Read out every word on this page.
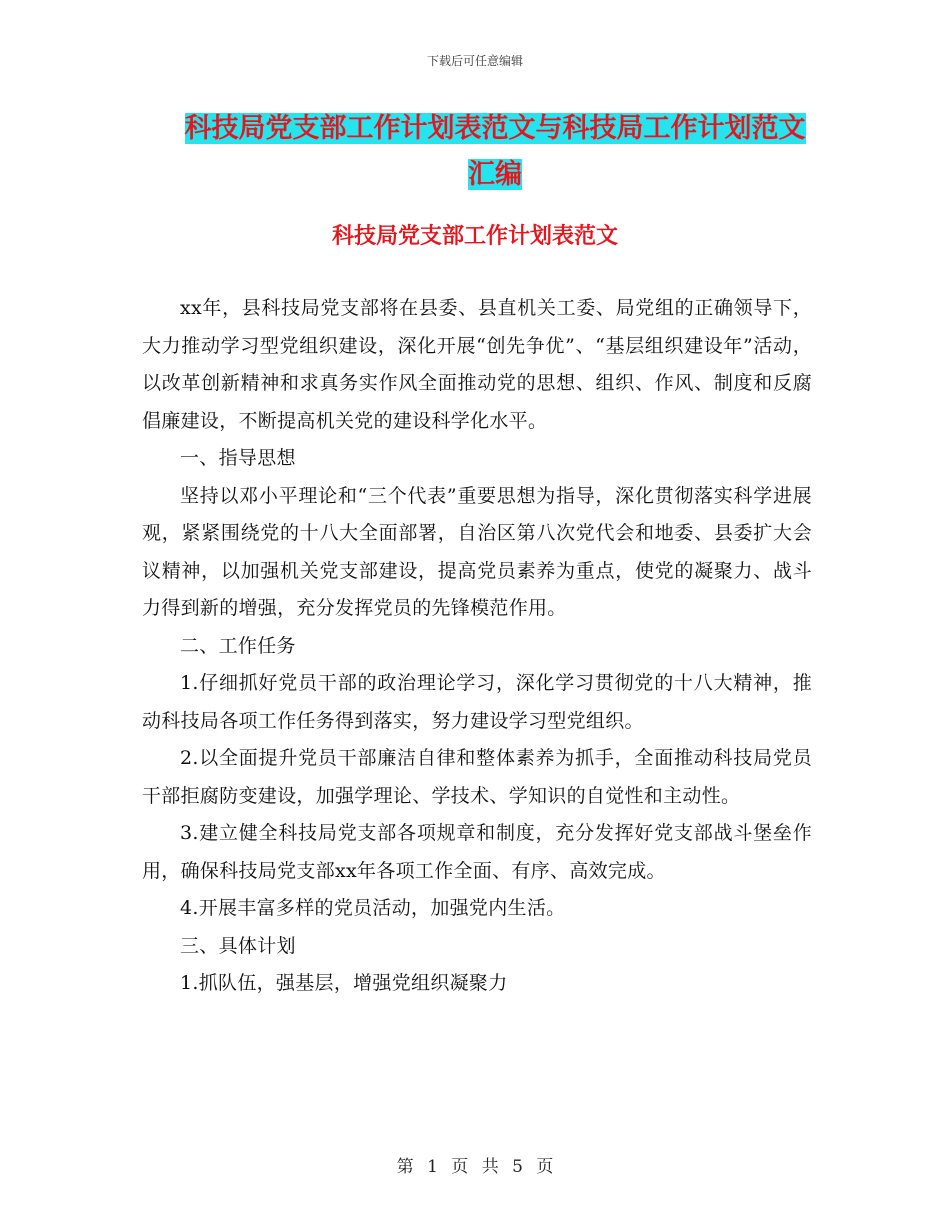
下载后可任意编辑
科技局党支部工作计划表范文与科技局工作计划范文
汇编
科技局党支部工作计划表范文

xx年，县科技局党支部将在县委、县直机关工委、局党组的正确领导下，大力推动学习型党组织建设，深化开展“创先争优”、“基层组织建设年”活动，以改革创新精神和求真务实作风全面推动党的思想、组织、作风、制度和反腐倡廉建设，不断提高机关党的建设科学化水平。

一、指导思想

坚持以邓小平理论和“三个代表”重要思想为指导，深化贯彻落实科学进展观，紧紧围绕党的十八大全面部署，自治区第八次党代会和地委、县委扩大会议精神，以加强机关党支部建设，提高党员素养为重点，使党的凝聚力、战斗力得到新的增强，充分发挥党员的先锋模范作用。

二、工作任务

1.仔细抓好党员干部的政治理论学习，深化学习贯彻党的十八大精神，推动科技局各项工作任务得到落实，努力建设学习型党组织。

2.以全面提升党员干部廉洁自律和整体素养为抓手，全面推动科技局党员干部拒腐防变建设，加强学理论、学技术、学知识的自觉性和主动性。

3.建立健全科技局党支部各项规章和制度，充分发挥好党支部战斗堡垒作用，确保科技局党支部xx年各项工作全面、有序、高效完成。

4.开展丰富多样的党员活动，加强党内生活。

三、具体计划

1.抓队伍，强基层，增强党组织凝聚力

第 1 页 共 5 页
